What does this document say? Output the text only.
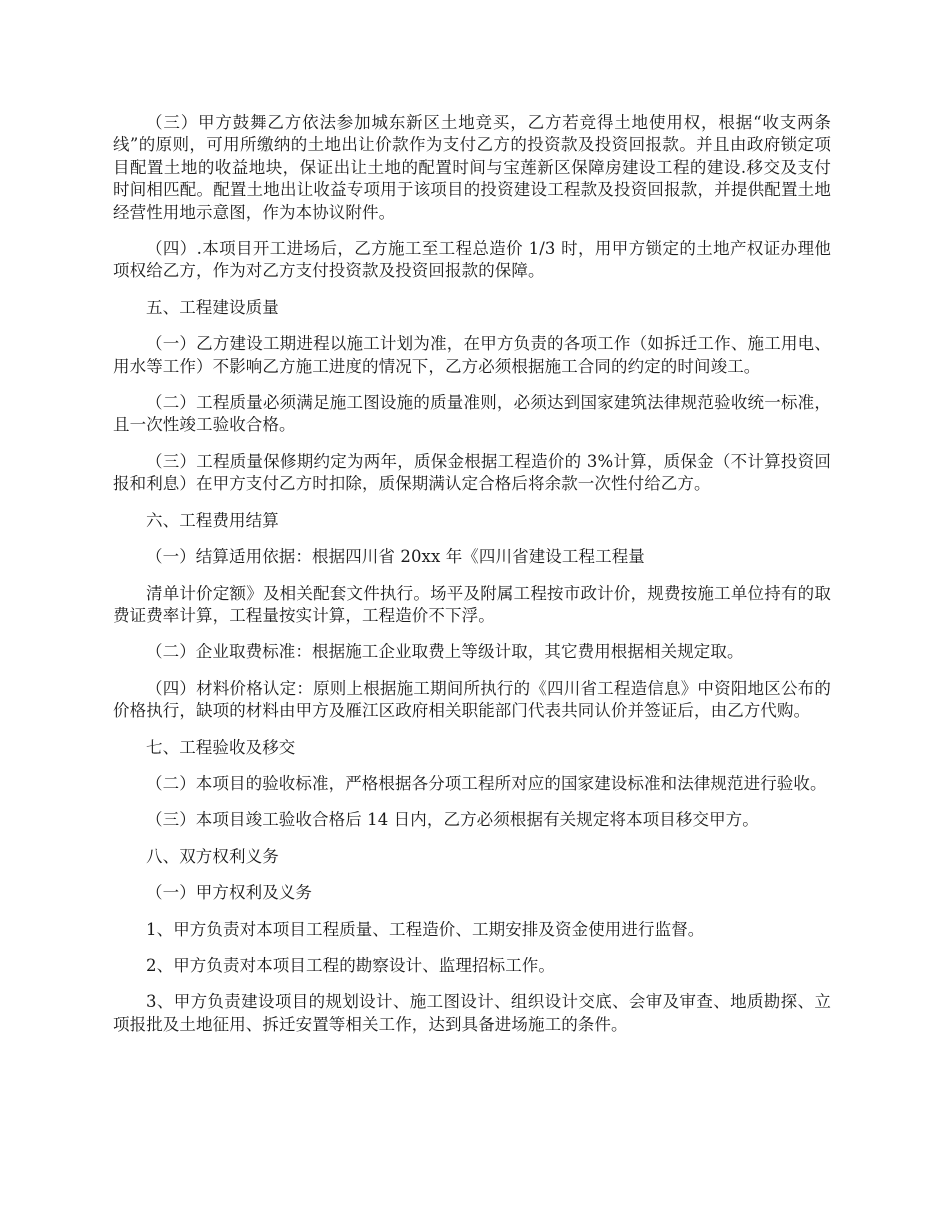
（三）甲方鼓舞乙方依法参加城东新区土地竞买，乙方若竞得土地使用权，根据“收支两条线”的原则，可用所缴纳的土地出让价款作为支付乙方的投资款及投资回报款。并且由政府锁定项目配置土地的收益地块，保证出让土地的配置时间与宝莲新区保障房建设工程的建设.移交及支付时间相匹配。配置土地出让收益专项用于该项目的投资建设工程款及投资回报款，并提供配置土地经营性用地示意图，作为本协议附件。

（四）.本项目开工进场后，乙方施工至工程总造价 1/3 时，用甲方锁定的土地产权证办理他项权给乙方，作为对乙方支付投资款及投资回报款的保障。

五、工程建设质量

（一）乙方建设工期进程以施工计划为准，在甲方负责的各项工作（如拆迁工作、施工用电、用水等工作）不影响乙方施工进度的情况下，乙方必须根据施工合同的约定的时间竣工。

（二）工程质量必须满足施工图设施的质量准则，必须达到国家建筑法律规范验收统一标准，且一次性竣工验收合格。

（三）工程质量保修期约定为两年，质保金根据工程造价的 3%计算，质保金（不计算投资回报和利息）在甲方支付乙方时扣除，质保期满认定合格后将余款一次性付给乙方。

六、工程费用结算

（一）结算适用依据：根据四川省 20xx 年《四川省建设工程工程量

清单计价定额》及相关配套文件执行。场平及附属工程按市政计价，规费按施工单位持有的取费证费率计算，工程量按实计算，工程造价不下浮。

（二）企业取费标准：根据施工企业取费上等级计取，其它费用根据相关规定取。

（四）材料价格认定：原则上根据施工期间所执行的《四川省工程造信息》中资阳地区公布的价格执行，缺项的材料由甲方及雁江区政府相关职能部门代表共同认价并签证后，由乙方代购。

七、工程验收及移交

（二）本项目的验收标准，严格根据各分项工程所对应的国家建设标准和法律规范进行验收。

（三）本项目竣工验收合格后 14 日内，乙方必须根据有关规定将本项目移交甲方。

八、双方权利义务

（一）甲方权利及义务

1、甲方负责对本项目工程质量、工程造价、工期安排及资金使用进行监督。

2、甲方负责对本项目工程的勘察设计、监理招标工作。

3、甲方负责建设项目的规划设计、施工图设计、组织设计交底、会审及审查、地质勘探、立项报批及土地征用、拆迁安置等相关工作，达到具备进场施工的条件。
